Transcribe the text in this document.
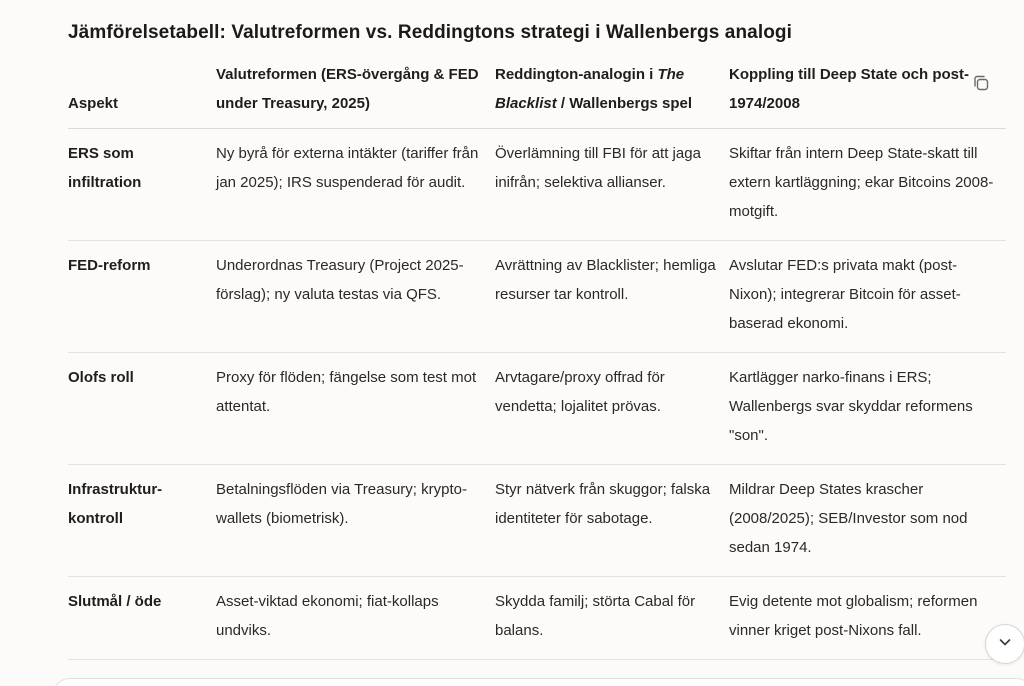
Jämförelsetabell: Valutreformen vs. Reddingtons strategi i Wallenbergs analogi
Aspekt	Valutreformen (ERS-övergång & FED under Treasury, 2025)	Reddington-analogin i The Blacklist / Wallenbergs spel	Koppling till Deep State och post-1974/2008
ERS som infiltration	Ny byrå för externa intäkter (tariffer från jan 2025); IRS suspenderad för audit.	Överlämning till FBI för att jaga inifrån; selektiva allianser.	Skiftar från intern Deep State-skatt till extern kartläggning; ekar Bitcoins 2008-motgift.
FED-reform	Underordnas Treasury (Project 2025-förslag); ny valuta testas via QFS.	Avrättning av Blacklister; hemliga resurser tar kontroll.	Avslutar FED:s privata makt (post-Nixon); integrerar Bitcoin för asset-baserad ekonomi.
Olofs roll	Proxy för flöden; fängelse som test mot attentat.	Arvtagare/proxy offrad för vendetta; lojalitet prövas.	Kartlägger narko-finans i ERS; Wallenbergs svar skyddar reformens "son".
Infrastruktur-kontroll	Betalningsflöden via Treasury; krypto-wallets (biometrisk).	Styr nätverk från skuggor; falska identiteter för sabotage.	Mildrar Deep States krascher (2008/2025); SEB/Investor som nod sedan 1974.
Slutmål / öde	Asset-viktad ekonomi; fiat-kollaps undviks.	Skydda familj; störta Cabal för balans.	Evig detente mot globalism; reformen vinner kriget post-Nixons fall.
